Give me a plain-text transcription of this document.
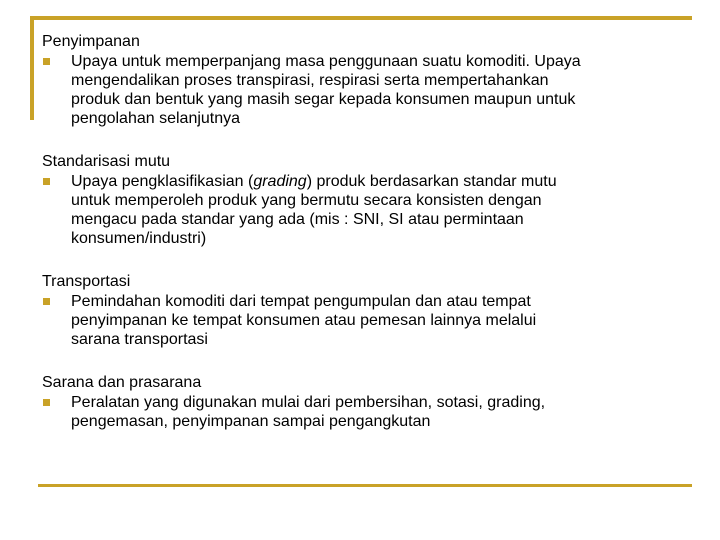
Penyimpanan

Upaya untuk memperpanjang masa penggunaan suatu komoditi. Upaya
mengendalikan proses transpirasi, respirasi serta mempertahankan
produk dan bentuk yang masih segar kepada konsumen maupun untuk
pengolahan selanjutnya

Standarisasi mutu

Upaya pengklasifikasian (grading) produk berdasarkan standar mutu
untuk memperoleh produk yang bermutu secara konsisten dengan
mengacu pada standar yang ada (mis : SNI, SI atau permintaan
konsumen/industri)

Transportasi

Pemindahan komoditi dari tempat pengumpulan dan atau tempat
penyimpanan ke tempat konsumen atau pemesan lainnya melalui
sarana transportasi

Sarana dan prasarana

Peralatan yang digunakan mulai dari pembersihan, sotasi, grading,
pengemasan, penyimpanan sampai pengangkutan
